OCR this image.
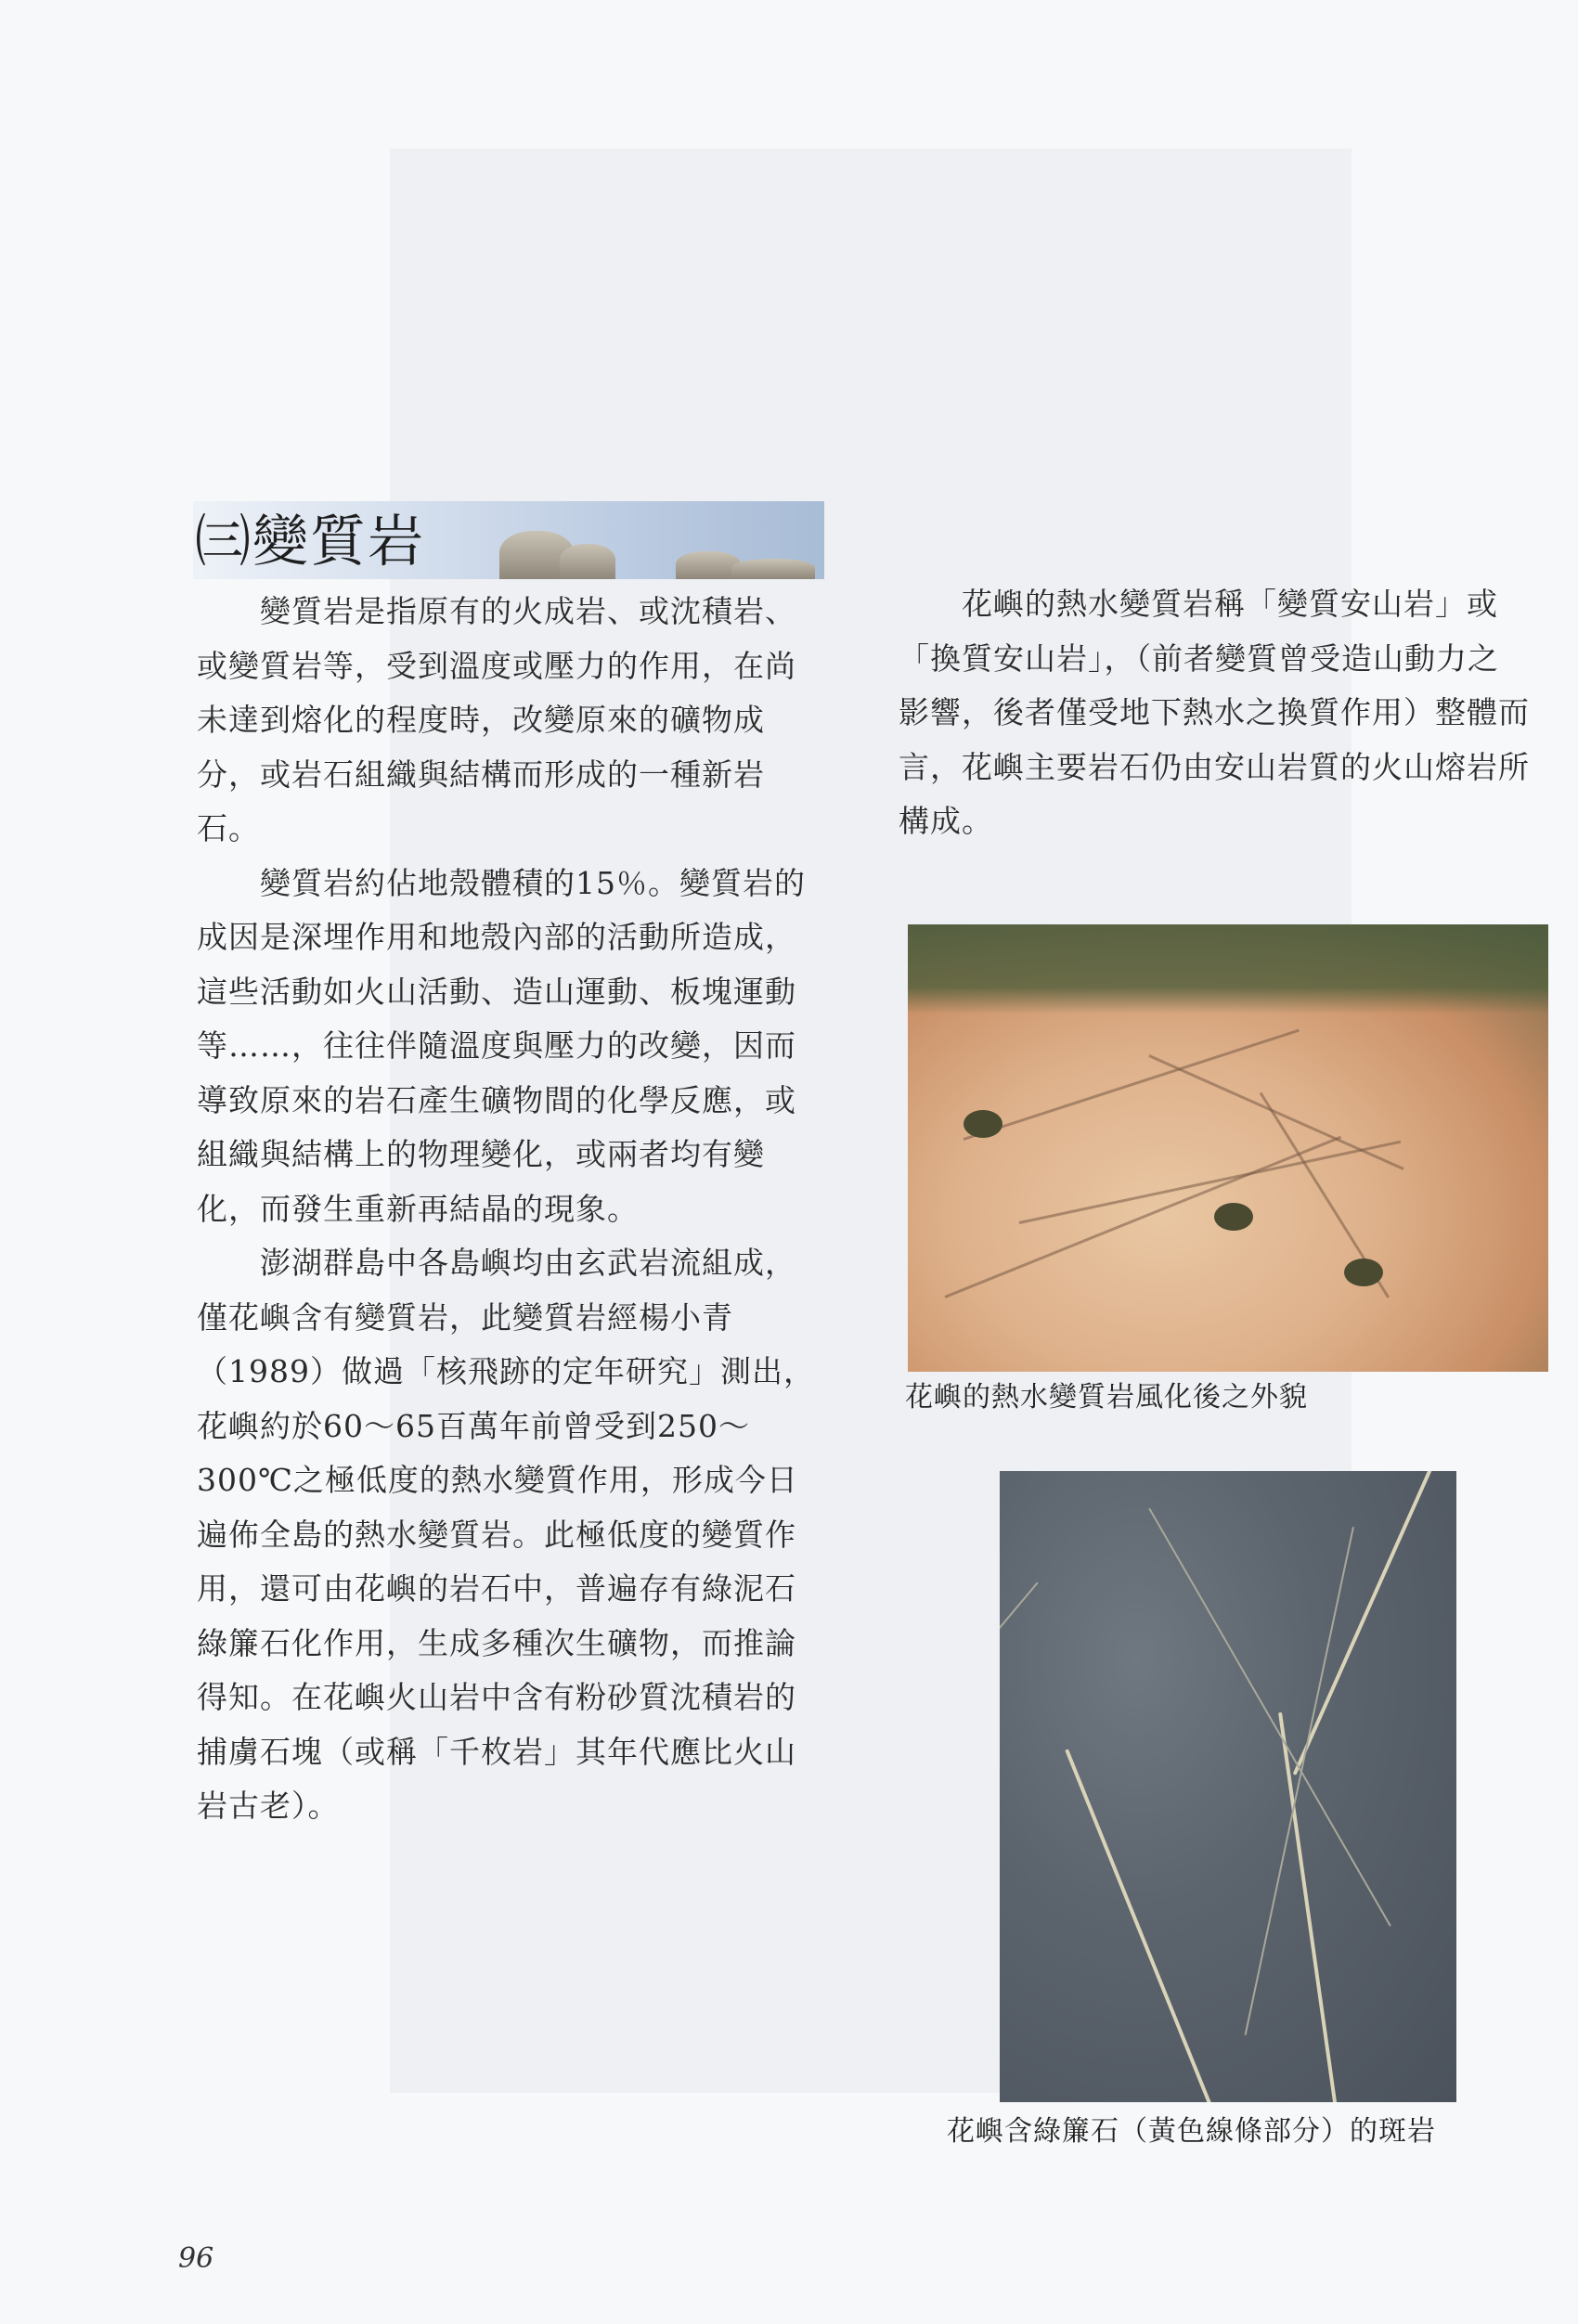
㈢變質岩

　　變質岩是指原有的火成岩、或沈積岩、或變質岩等，受到溫度或壓力的作用，在尚未達到熔化的程度時，改變原來的礦物成分，或岩石組織與結構而形成的一種新岩石。

　　變質岩約佔地殼體積的15％。變質岩的成因是深埋作用和地殼內部的活動所造成，這些活動如火山活動、造山運動、板塊運動等……，往往伴隨溫度與壓力的改變，因而導致原來的岩石產生礦物間的化學反應，或組織與結構上的物理變化，或兩者均有變化，而發生重新再結晶的現象。

　　澎湖群島中各島嶼均由玄武岩流組成，僅花嶼含有變質岩，此變質岩經楊小青（1989）做過「核飛跡的定年研究」測出，花嶼約於60～65百萬年前曾受到250～300℃之極低度的熱水變質作用，形成今日遍佈全島的熱水變質岩。此極低度的變質作用，還可由花嶼的岩石中，普遍存有綠泥石綠簾石化作用，生成多種次生礦物，而推論得知。在花嶼火山岩中含有粉砂質沈積岩的捕虜石塊（或稱「千枚岩」其年代應比火山岩古老）。

　　花嶼的熱水變質岩稱「變質安山岩」或「換質安山岩」，（前者變質曾受造山動力之影響，後者僅受地下熱水之換質作用）整體而言，花嶼主要岩石仍由安山岩質的火山熔岩所構成。

花嶼的熱水變質岩風化後之外貌
花嶼含綠簾石（黃色線條部分）的斑岩
96
